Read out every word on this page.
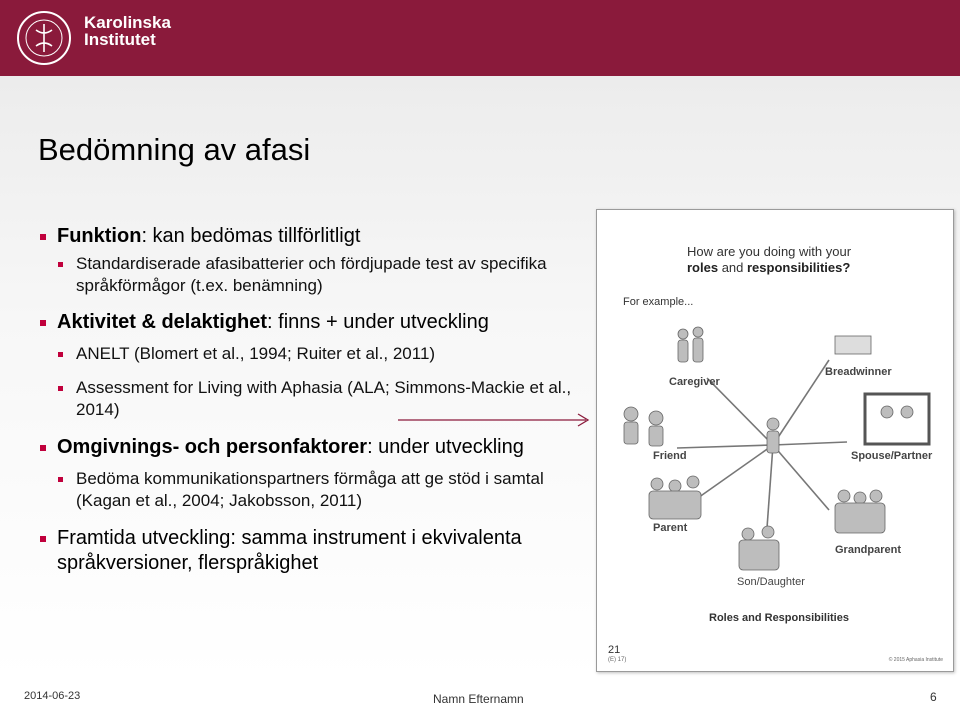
Karolinska
Institutet
Bedömning av afasi
Funktion: kan bedömas tillförlitligt
Standardiserade afasibatterier och fördjupade test av specifika språkförmågor (t.ex. benämning)
Aktivitet & delaktighet: finns + under utveckling
ANELT (Blomert et al., 1994; Ruiter et al., 2011)
Assessment for Living with Aphasia (ALA; Simmons-Mackie et al., 2014)
Omgivnings- och personfaktorer: under utveckling
Bedöma kommunikationspartners förmåga att ge stöd i samtal (Kagan et al., 2004; Jakobsson, 2011)
Framtida utveckling: samma instrument i ekvivalenta språkversioner, flerspråkighet
How are you doing with your
roles and responsibilities?
For example...
Caregiver
Breadwinner
Friend	Spouse/Partner
Parent
Grandparent
Son/Daughter
Roles and Responsibilities
21
(E) 17)	© 2015 Aphasia Institute
2014-06-23	Namn Efternamn	6
